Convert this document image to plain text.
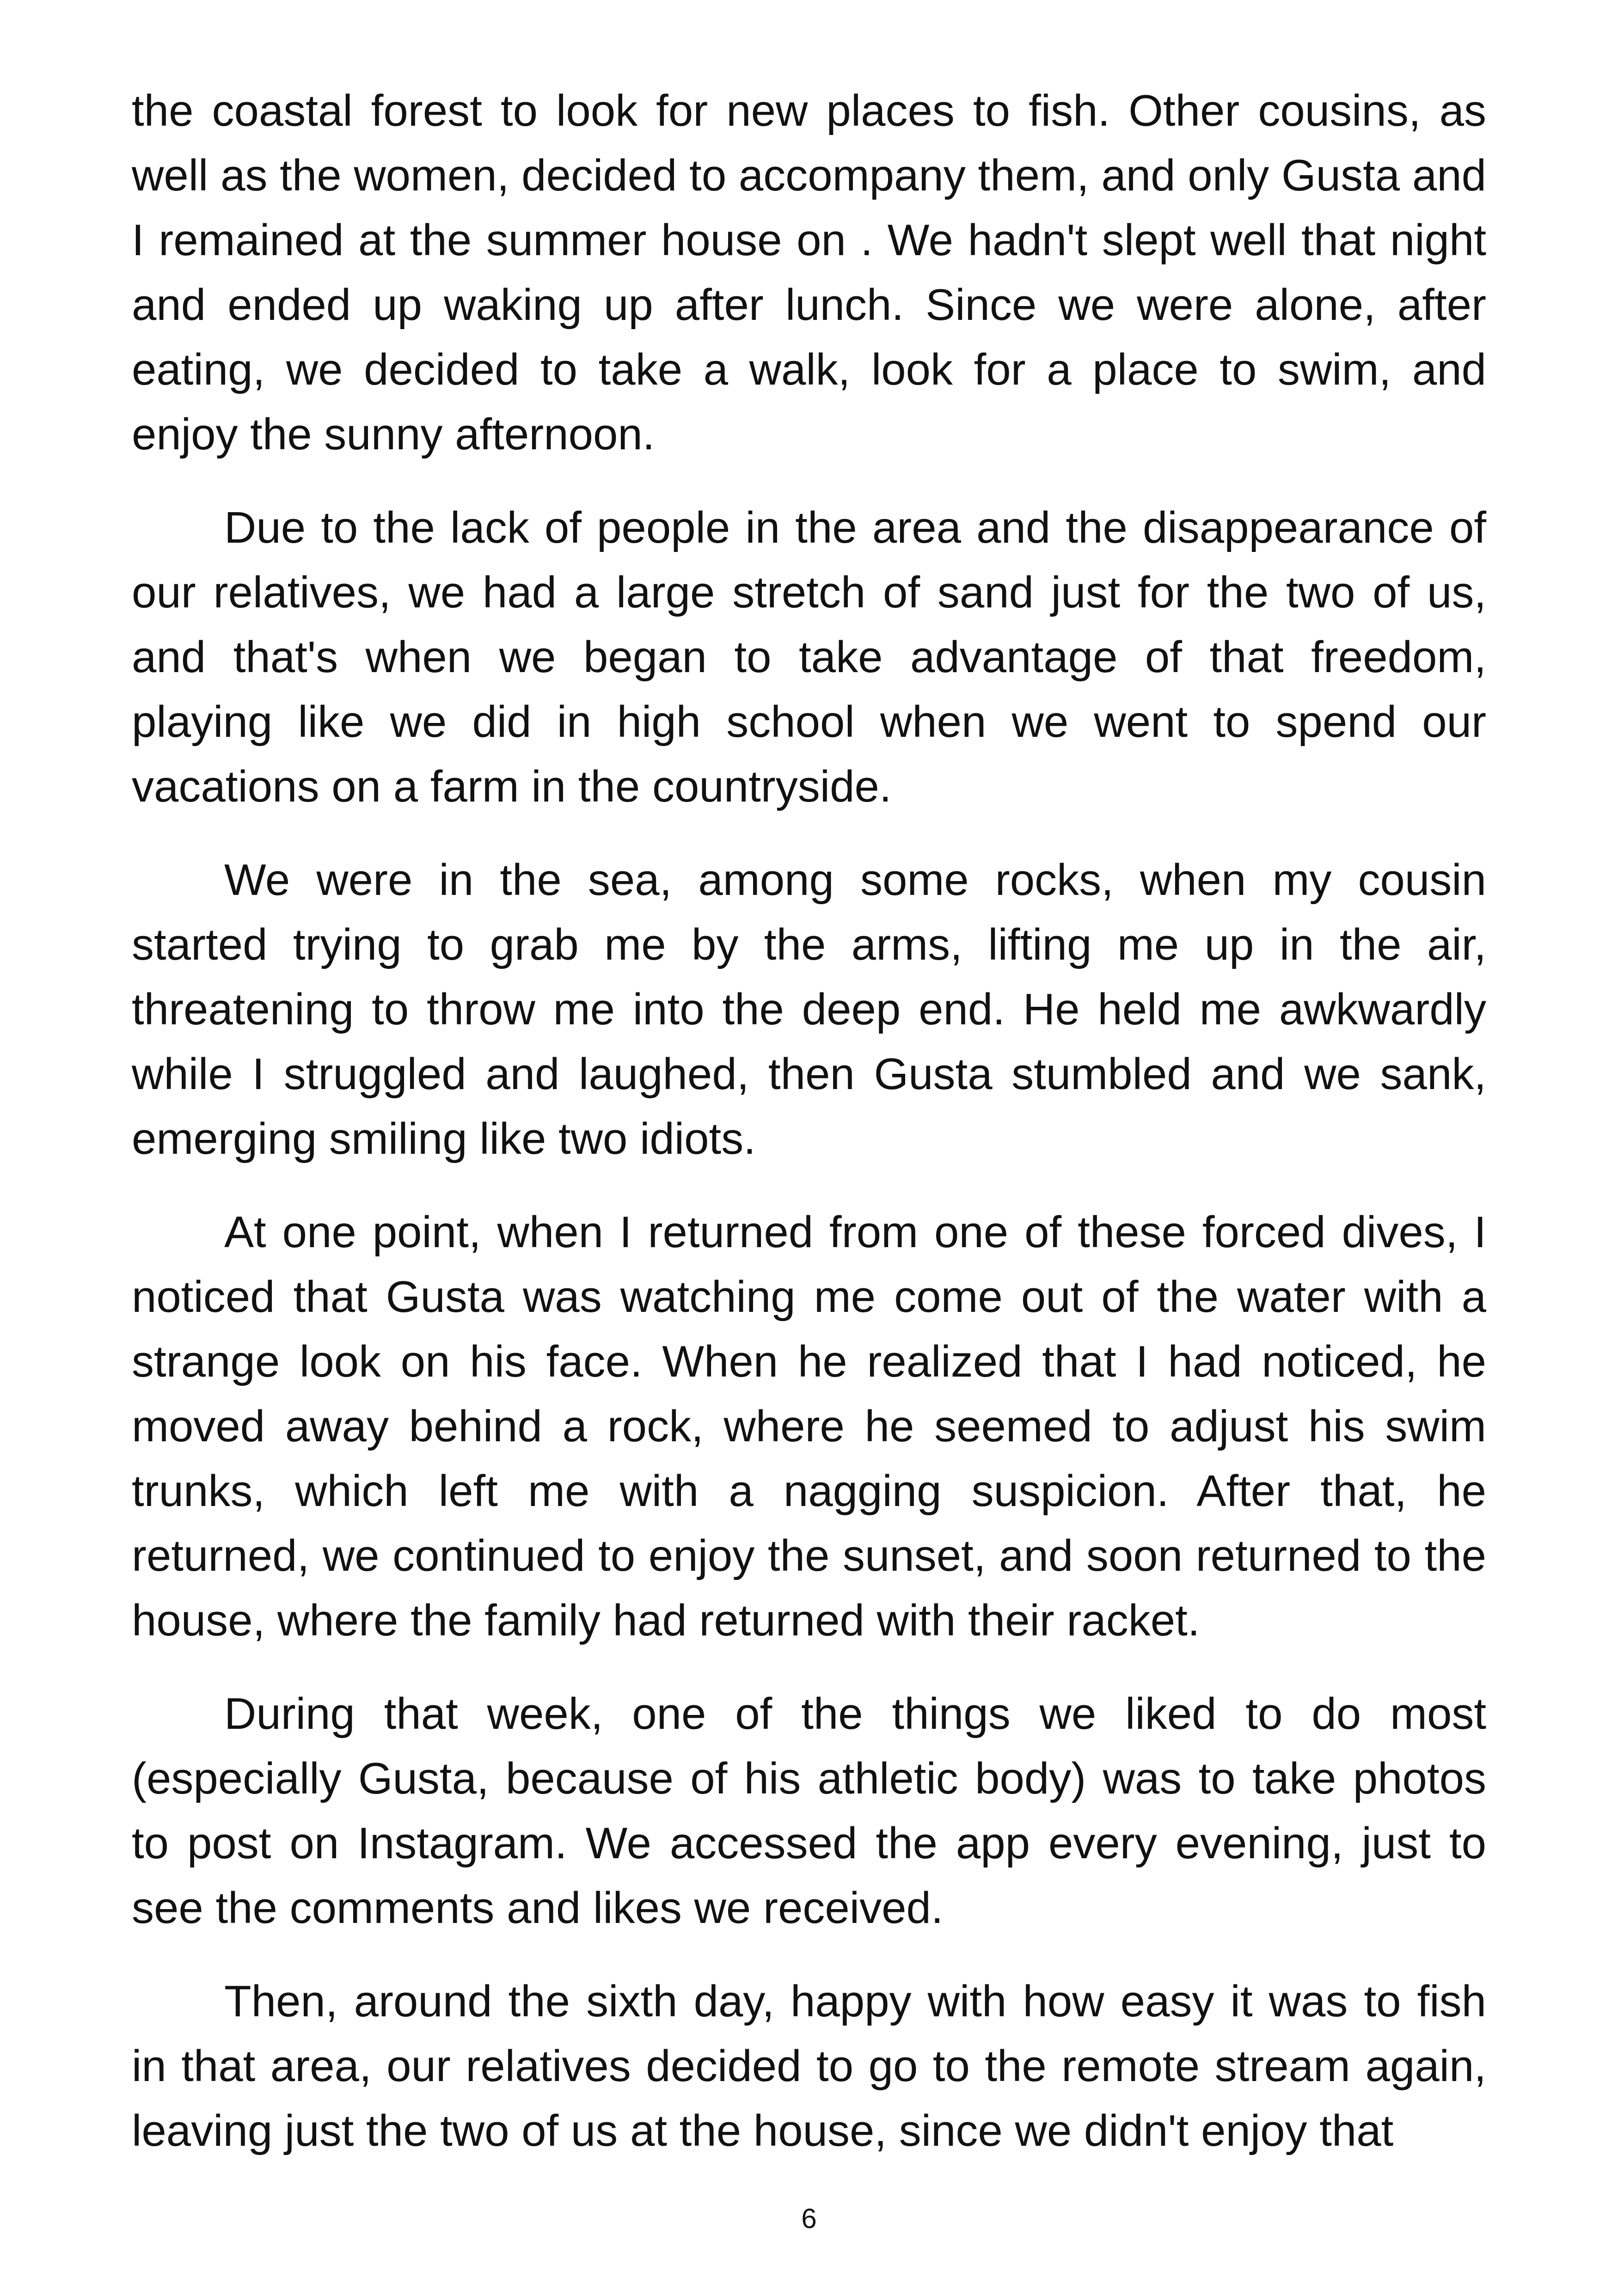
the coastal forest to look for new places to fish. Other cousins, as well as the women, decided to accompany them, and only Gusta and I remained at the summer house on . We hadn't slept well that night and ended up waking up after lunch. Since we were alone, after eating, we decided to take a walk, look for a place to swim, and enjoy the sunny afternoon.

Due to the lack of people in the area and the disappearance of our relatives, we had a large stretch of sand just for the two of us, and that's when we began to take advantage of that freedom, playing like we did in high school when we went to spend our vacations on a farm in the countryside.

We were in the sea, among some rocks, when my cousin started trying to grab me by the arms, lifting me up in the air, threatening to throw me into the deep end. He held me awkwardly while I struggled and laughed, then Gusta stumbled and we sank, emerging smiling like two idiots.

At one point, when I returned from one of these forced dives, I noticed that Gusta was watching me come out of the water with a strange look on his face. When he realized that I had noticed, he moved away behind a rock, where he seemed to adjust his swim trunks, which left me with a nagging suspicion. After that, he returned, we continued to enjoy the sunset, and soon returned to the house, where the family had returned with their racket.

During that week, one of the things we liked to do most (especially Gusta, because of his athletic body) was to take photos to post on Instagram. We accessed the app every evening, just to see the comments and likes we received.

Then, around the sixth day, happy with how easy it was to fish in that area, our relatives decided to go to the remote stream again, leaving just the two of us at the house, since we didn't enjoy that

6
